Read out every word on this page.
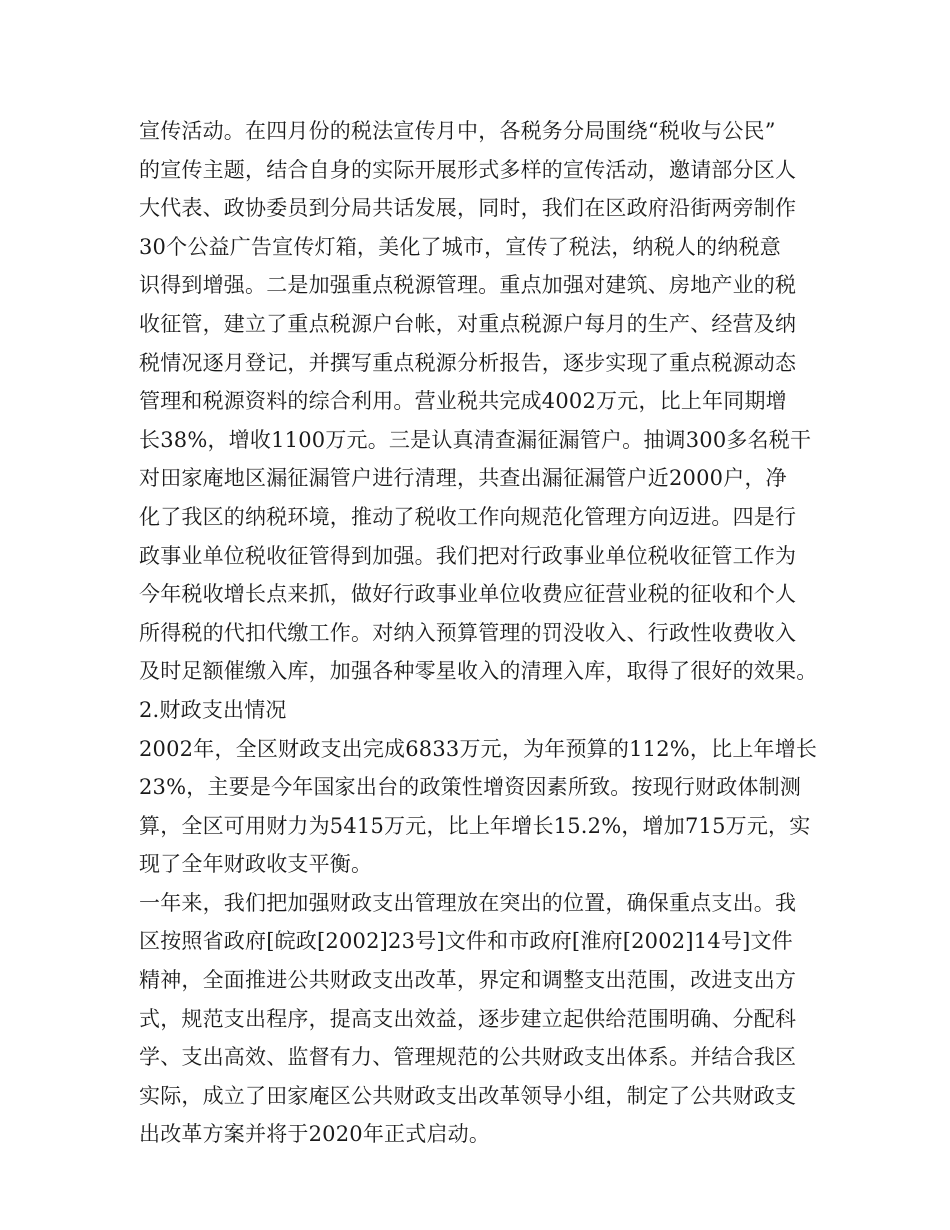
宣传活动。在四月份的税法宣传月中，各税务分局围绕“税收与公民”
的宣传主题，结合自身的实际开展形式多样的宣传活动，邀请部分区人
大代表、政协委员到分局共话发展，同时，我们在区政府沿街两旁制作
30个公益广告宣传灯箱，美化了城市，宣传了税法，纳税人的纳税意
识得到增强。二是加强重点税源管理。重点加强对建筑、房地产业的税
收征管，建立了重点税源户台帐，对重点税源户每月的生产、经营及纳
税情况逐月登记，并撰写重点税源分析报告，逐步实现了重点税源动态
管理和税源资料的综合利用。营业税共完成4002万元，比上年同期增
长38%，增收1100万元。三是认真清查漏征漏管户。抽调300多名税干
对田家庵地区漏征漏管户进行清理，共查出漏征漏管户近2000户，净
化了我区的纳税环境，推动了税收工作向规范化管理方向迈进。四是行
政事业单位税收征管得到加强。我们把对行政事业单位税收征管工作为
今年税收增长点来抓，做好行政事业单位收费应征营业税的征收和个人
所得税的代扣代缴工作。对纳入预算管理的罚没收入、行政性收费收入
及时足额催缴入库，加强各种零星收入的清理入库，取得了很好的效果。
2.财政支出情况
2002年，全区财政支出完成6833万元，为年预算的112%，比上年增长
23%，主要是今年国家出台的政策性增资因素所致。按现行财政体制测
算，全区可用财力为5415万元，比上年增长15.2%，增加715万元，实
现了全年财政收支平衡。
一年来，我们把加强财政支出管理放在突出的位置，确保重点支出。我
区按照省政府[皖政[2002]23号]文件和市政府[淮府[2002]14号]文件
精神，全面推进公共财政支出改革，界定和调整支出范围，改进支出方
式，规范支出程序，提高支出效益，逐步建立起供给范围明确、分配科
学、支出高效、监督有力、管理规范的公共财政支出体系。并结合我区
实际，成立了田家庵区公共财政支出改革领导小组，制定了公共财政支
出改革方案并将于2020年正式启动。
